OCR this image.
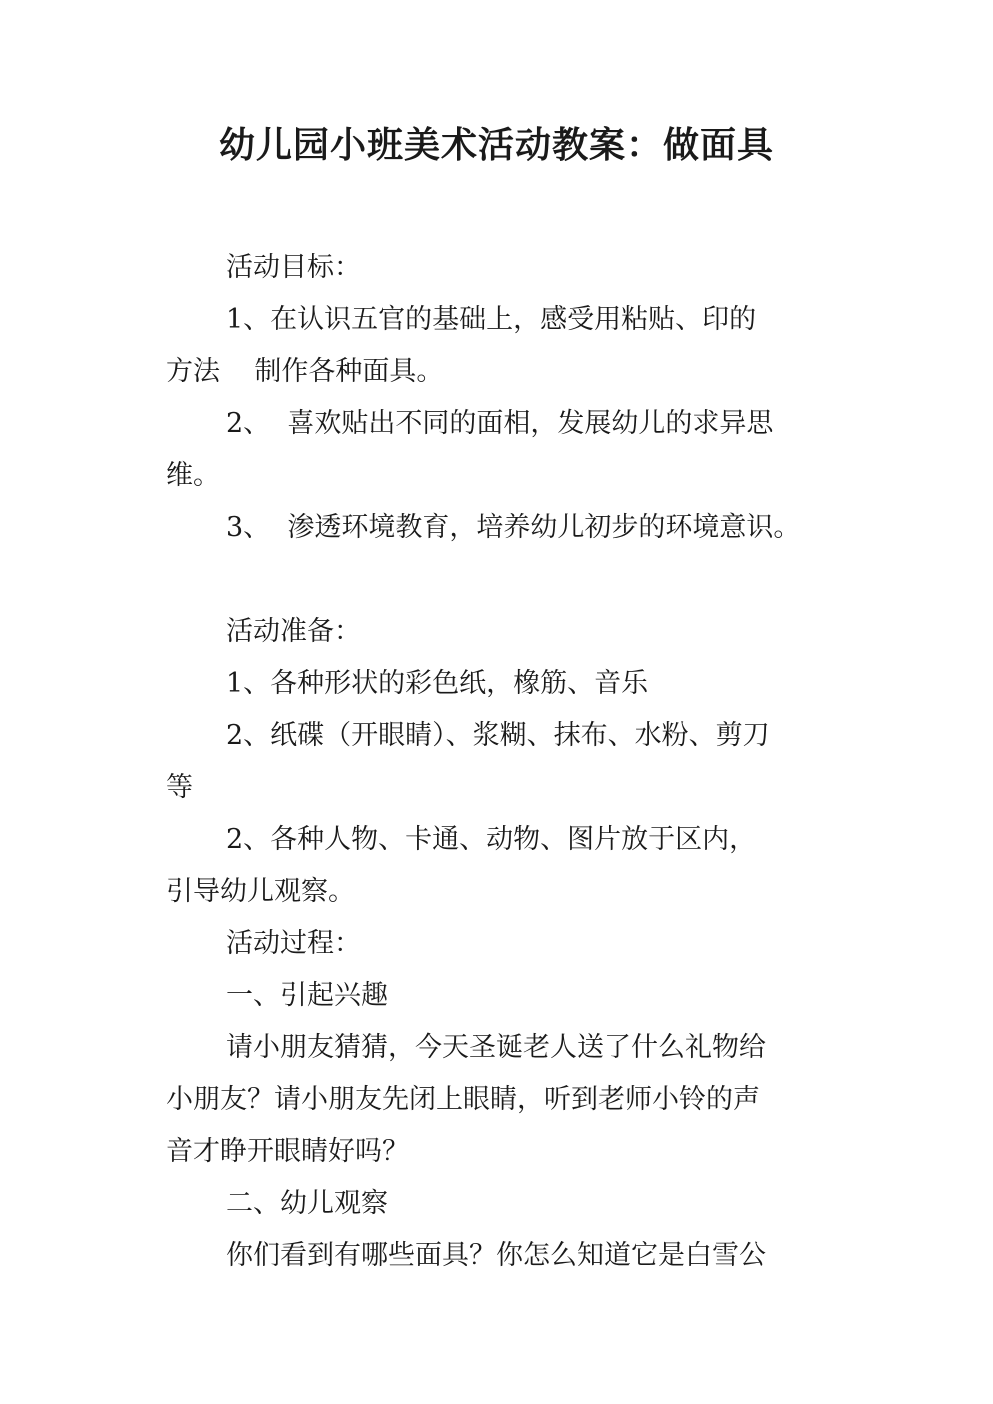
幼儿园小班美术活动教案：做面具

活动目标：

1、在认识五官的基础上，感受用粘贴、印的

方法    制作各种面具。

2、  喜欢贴出不同的面相，发展幼儿的求异思

维。

3、  渗透环境教育，培养幼儿初步的环境意识。

活动准备：

1、各种形状的彩色纸，橡筋、音乐

2、纸碟（开眼睛）、浆糊、抹布、水粉、剪刀

等

2、各种人物、卡通、动物、图片放于区内，

引导幼儿观察。

活动过程：

一、引起兴趣

请小朋友猜猜，今天圣诞老人送了什么礼物给

小朋友？请小朋友先闭上眼睛，听到老师小铃的声

音才睁开眼睛好吗？

二、幼儿观察

你们看到有哪些面具？你怎么知道它是白雪公
